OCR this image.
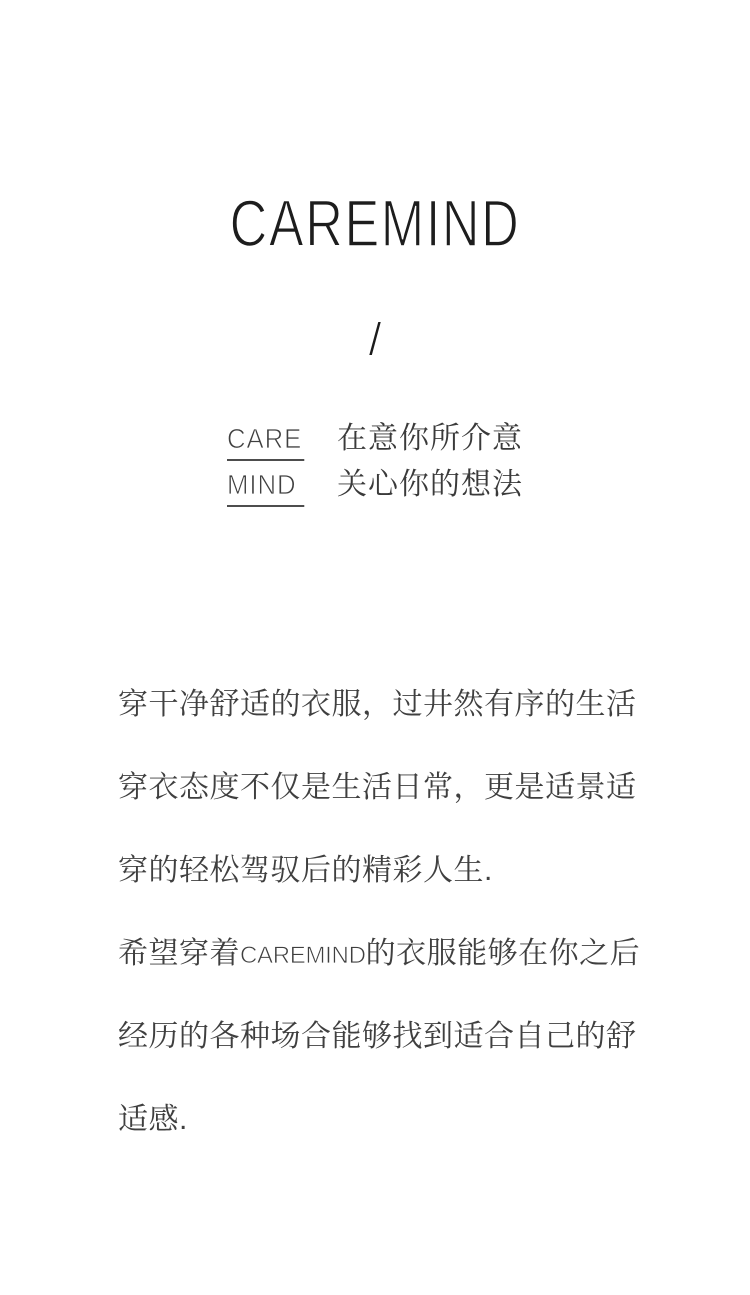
CAREMIND
/
CARE 在意你所介意
MIND 关心你的想法
穿干净舒适的衣服，过井然有序的生活
穿衣态度不仅是生活日常，更是适景适
穿的轻松驾驭后的精彩人生.
希望穿着CAREMIND的衣服能够在你之后
经历的各种场合能够找到适合自己的舒
适感.
